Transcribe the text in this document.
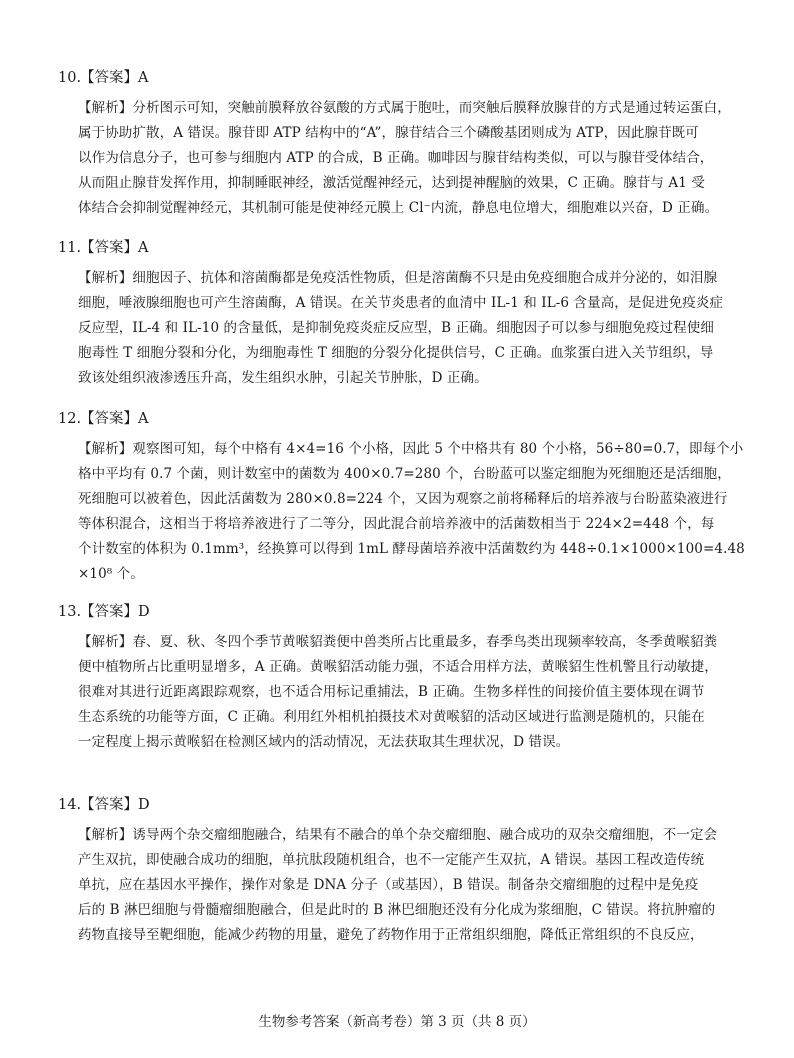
10.【答案】A
【解析】分析图示可知，突触前膜释放谷氨酸的方式属于胞吐，而突触后膜释放腺苷的方式是通过转运蛋白，
属于协助扩散，A 错误。腺苷即 ATP 结构中的“A”，腺苷结合三个磷酸基团则成为 ATP，因此腺苷既可
以作为信息分子，也可参与细胞内 ATP 的合成，B 正确。咖啡因与腺苷结构类似，可以与腺苷受体结合，
从而阻止腺苷发挥作用，抑制睡眠神经，激活觉醒神经元，达到提神醒脑的效果，C 正确。腺苷与 A1 受
体结合会抑制觉醒神经元，其机制可能是使神经元膜上 Cl⁻内流，静息电位增大，细胞难以兴奋，D 正确。
11.【答案】A
【解析】细胞因子、抗体和溶菌酶都是免疫活性物质，但是溶菌酶不只是由免疫细胞合成并分泌的，如泪腺
细胞，唾液腺细胞也可产生溶菌酶，A 错误。在关节炎患者的血清中 IL-1 和 IL-6 含量高，是促进免疫炎症
反应型，IL-4 和 IL-10 的含量低，是抑制免疫炎症反应型，B 正确。细胞因子可以参与细胞免疫过程使细
胞毒性 T 细胞分裂和分化，为细胞毒性 T 细胞的分裂分化提供信号，C 正确。血浆蛋白进入关节组织，导
致该处组织液渗透压升高，发生组织水肿，引起关节肿胀，D 正确。
12.【答案】A
【解析】观察图可知，每个中格有 4×4=16 个小格，因此 5 个中格共有 80 个小格，56÷80=0.7，即每个小
格中平均有 0.7 个菌，则计数室中的菌数为 400×0.7=280 个，台盼蓝可以鉴定细胞为死细胞还是活细胞，
死细胞可以被着色，因此活菌数为 280×0.8=224 个，又因为观察之前将稀释后的培养液与台盼蓝染液进行
等体积混合，这相当于将培养液进行了二等分，因此混合前培养液中的活菌数相当于 224×2=448 个，每
个计数室的体积为 0.1mm³，经换算可以得到 1mL 酵母菌培养液中活菌数约为 448÷0.1×1000×100=4.48
×10⁸ 个。
13.【答案】D
【解析】春、夏、秋、冬四个季节黄喉貂粪便中兽类所占比重最多，春季鸟类出现频率较高，冬季黄喉貂粪
便中植物所占比重明显增多，A 正确。黄喉貂活动能力强，不适合用样方法，黄喉貂生性机警且行动敏捷，
很难对其进行近距离跟踪观察，也不适合用标记重捕法，B 正确。生物多样性的间接价值主要体现在调节
生态系统的功能等方面，C 正确。利用红外相机拍摄技术对黄喉貂的活动区域进行监测是随机的，只能在
一定程度上揭示黄喉貂在检测区域内的活动情况，无法获取其生理状况，D 错误。
14.【答案】D
【解析】诱导两个杂交瘤细胞融合，结果有不融合的单个杂交瘤细胞、融合成功的双杂交瘤细胞，不一定会
产生双抗，即使融合成功的细胞，单抗肽段随机组合，也不一定能产生双抗，A 错误。基因工程改造传统
单抗，应在基因水平操作，操作对象是 DNA 分子（或基因），B 错误。制备杂交瘤细胞的过程中是免疫
后的 B 淋巴细胞与骨髓瘤细胞融合，但是此时的 B 淋巴细胞还没有分化成为浆细胞，C 错误。将抗肿瘤的
药物直接导至靶细胞，能减少药物的用量，避免了药物作用于正常组织细胞，降低正常组织的不良反应，
生物参考答案（新高考卷）第 3 页（共 8 页）
